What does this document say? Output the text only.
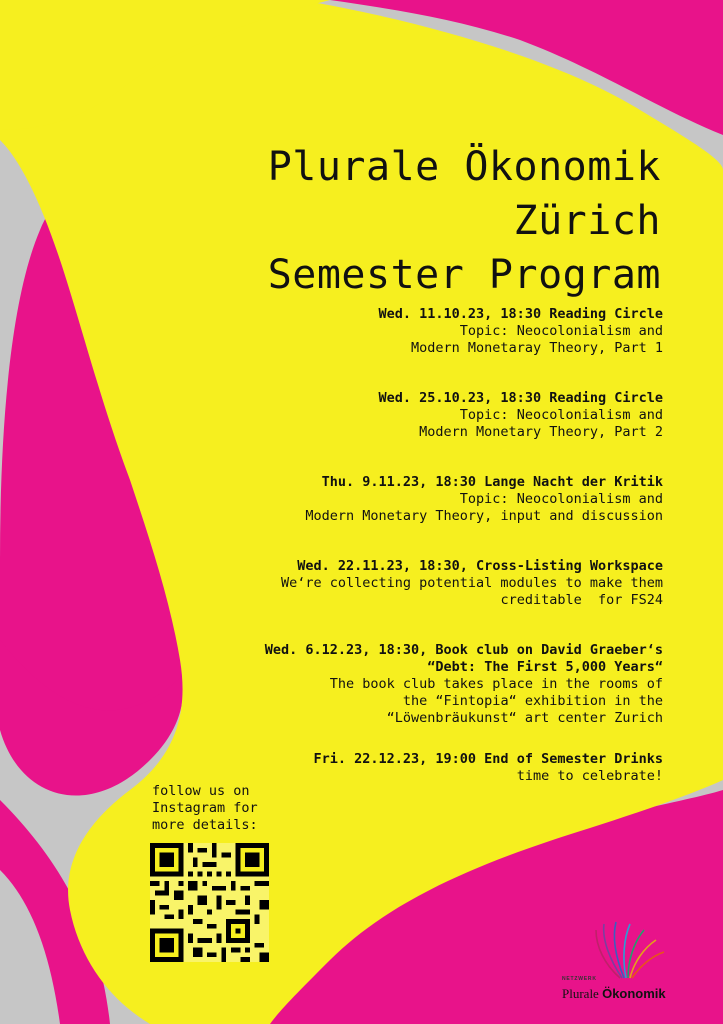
Plurale Ökonomik
Zürich
Semester Program
Wed. 11.10.23, 18:30 Reading Circle
Topic: Neocolonialism and
Modern Monetaray Theory, Part 1
Wed. 25.10.23, 18:30 Reading Circle
Topic: Neocolonialism and
Modern Monetary Theory, Part 2
Thu. 9.11.23, 18:30 Lange Nacht der Kritik
Topic: Neocolonialism and
Modern Monetary Theory, input and discussion
Wed. 22.11.23, 18:30, Cross-Listing Workspace
We‘re collecting potential modules to make them
creditable  for FS24
Wed. 6.12.23, 18:30, Book club on David Graeber‘s
“Debt: The First 5,000 Years“
The book club takes place in the rooms of
the “Fintopia“ exhibition in the
“Löwenbräukunst“ art center Zurich
Fri. 22.12.23, 19:00 End of Semester Drinks
time to celebrate!
follow us on
Instagram for
more details:
NETZWERK
Plurale Ökonomik
